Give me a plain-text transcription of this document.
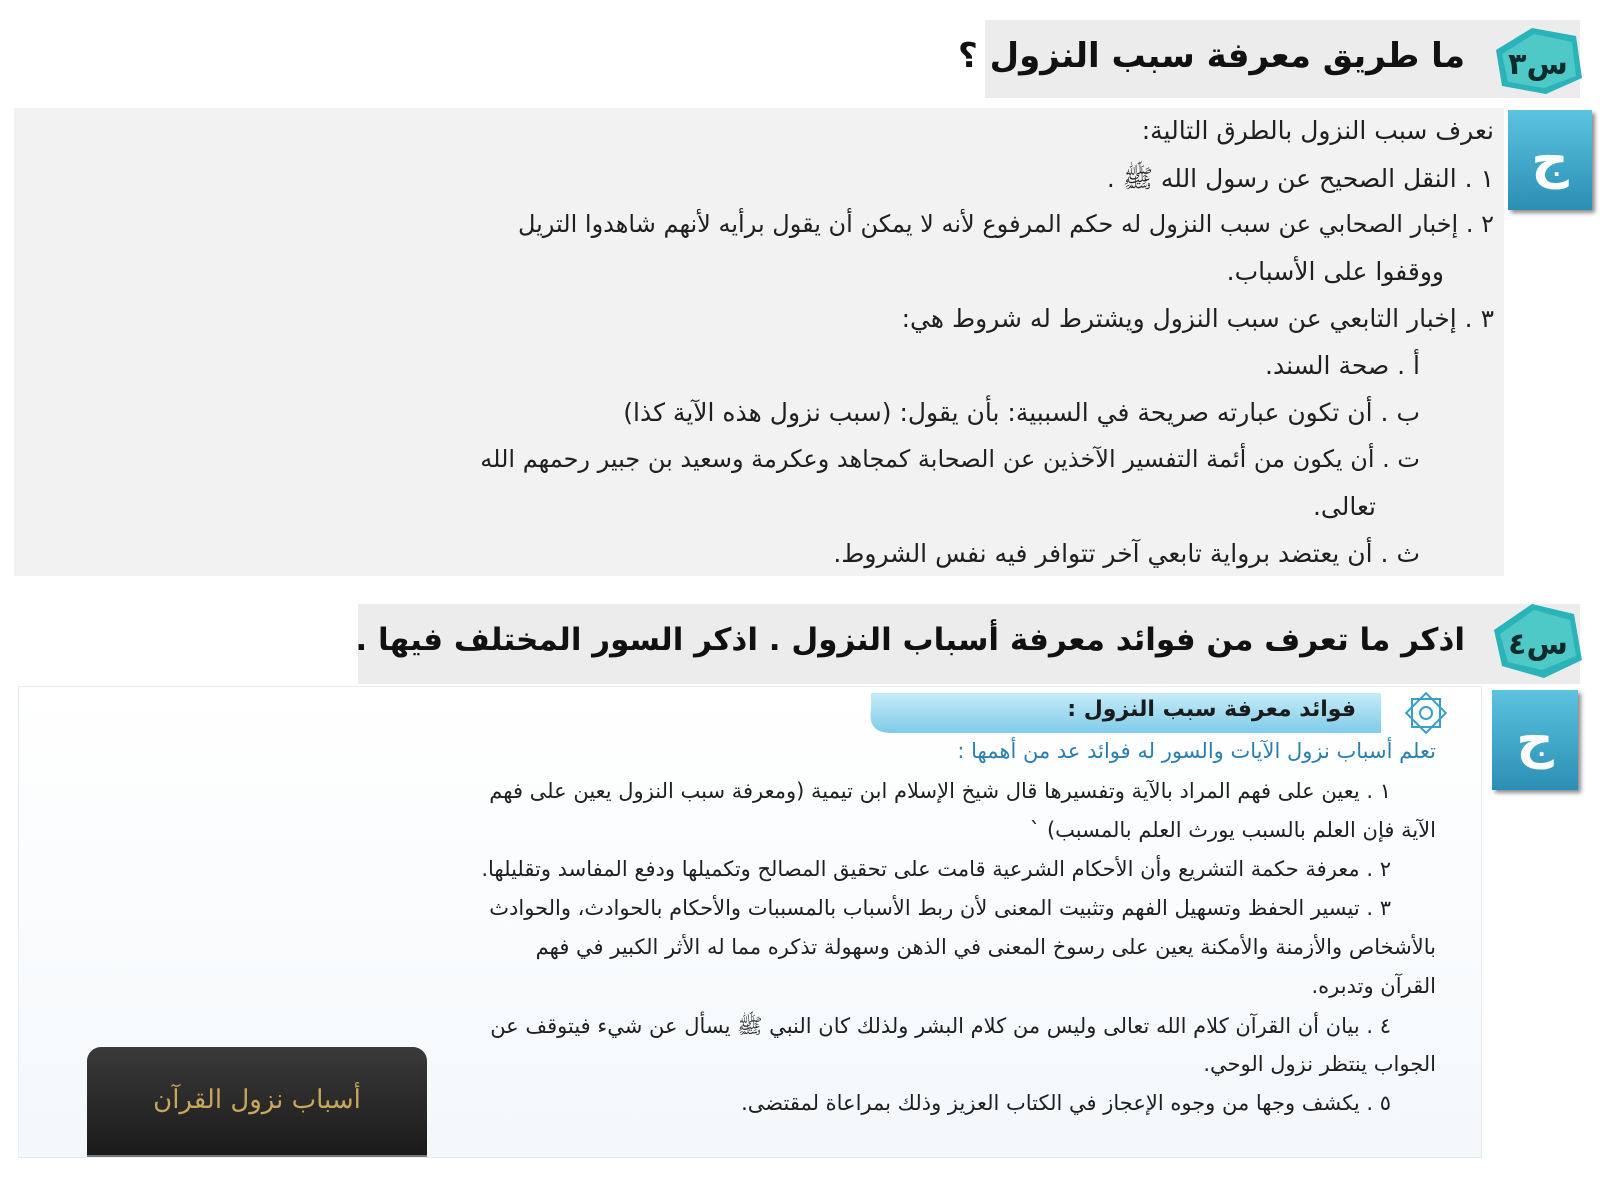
ما طريق معرفة سبب النزول ؟ س٣
نعرف سبب النزول بالطرق التالية:
١ . النقل الصحيح عن رسول الله ﷺ .
٢ . إخبار الصحابي عن سبب النزول له حكم المرفوع لأنه لا يمكن أن يقول برأيه لأنهم شاهدوا التريل
ووقفوا على الأسباب.
٣ . إخبار التابعي عن سبب النزول ويشترط له شروط هي:
أ . صحة السند.
ب . أن تكون عبارته صريحة في السببية: بأن يقول: (سبب نزول هذه الآية كذا)
ت . أن يكون من أئمة التفسير الآخذين عن الصحابة كمجاهد وعكرمة وسعيد بن جبير رحمهم الله
تعالى.
ث . أن يعتضد برواية تابعي آخر تتوافر فيه نفس الشروط.
ج
اذكر ما تعرف من فوائد معرفة أسباب النزول . اذكر السور المختلف فيها . س٤
فوائد معرفة سبب النزول :
تعلم أسباب نزول الآيات والسور له فوائد عد من أهمها :
١ . يعين على فهم المراد بالآية وتفسيرها قال شيخ الإسلام ابن تيمية (ومعرفة سبب النزول يعين على فهم
الآية فإن العلم بالسبب يورث العلم بالمسبب) `
٢ . معرفة حكمة التشريع وأن الأحكام الشرعية قامت على تحقيق المصالح وتكميلها ودفع المفاسد وتقليلها.
٣ . تيسير الحفظ وتسهيل الفهم وتثبيت المعنى لأن ربط الأسباب بالمسببات والأحكام بالحوادث، والحوادث
بالأشخاص والأزمنة والأمكنة يعين على رسوخ المعنى في الذهن وسهولة تذكره مما له الأثر الكبير في فهم
القرآن وتدبره.
٤ . بيان أن القرآن كلام الله تعالى وليس من كلام البشر ولذلك كان النبي ﷺ يسأل عن شيء فيتوقف عن
الجواب ينتظر نزول الوحي.
٥ . يكشف وجها من وجوه الإعجاز في الكتاب العزيز وذلك بمراعاة لمقتضى.
أسباب نزول القرآن
ج
